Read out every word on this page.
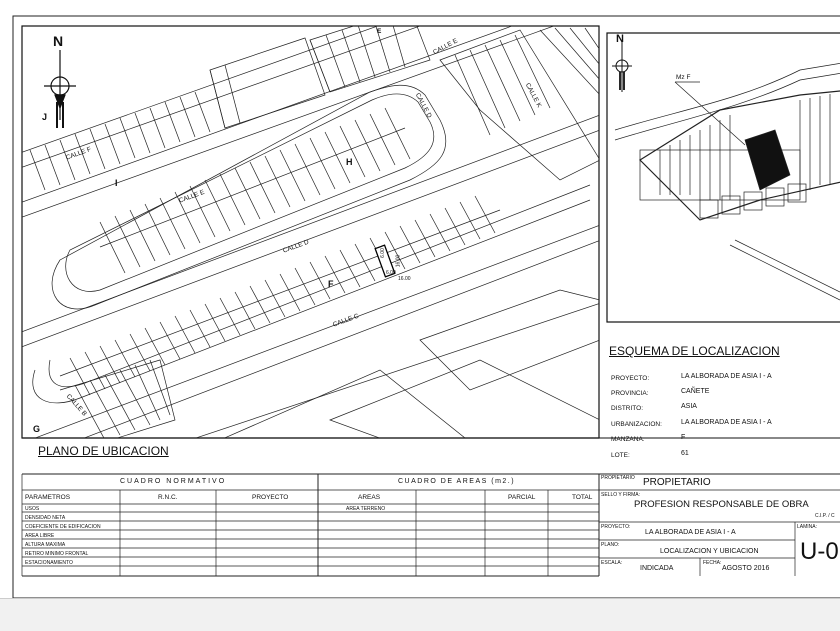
N
E
CALLE E
CALLE F
CALLE D	CALLE K
CALLE E
CALLE D
CALLE C
CALLE B
J
H
I
F
G
6.00
16.00
6.00
16.00
PLANO DE UBICACION
N
Mz F
ESQUEMA DE LOCALIZACION
PROYECTO:	LA ALBORADA DE ASIA I - A
PROVINCIA:	CAÑETE
DISTRITO:	ASIA
URBANIZACION:	LA ALBORADA DE ASIA I - A
MANZANA:	F
LOTE:	61
CUADRO NORMATIVO
PARAMETROS	R.N.C.	PROYECTO
USOS
DENSIDAD NETA
COEFICIENTE DE EDIFICACION
AREA LIBRE
ALTURA MAXIMA
RETIRO MINIMO FRONTAL
ESTACIONAMIENTO
CUADRO DE AREAS (m2.)
AREAS	PARCIAL	TOTAL
AREA TERRENO
PROPIETARIO PROPIETARIO
SELLO Y FIRMA:
PROFESION RESPONSABLE DE OBRA
C.I.P. / C
PROYECTO:
LA ALBORADA DE ASIA I - A
LAMINA:
PLANO:
LOCALIZACION Y UBICACION
ESCALA:
INDICADA
FECHA:
AGOSTO 2016
U-0
